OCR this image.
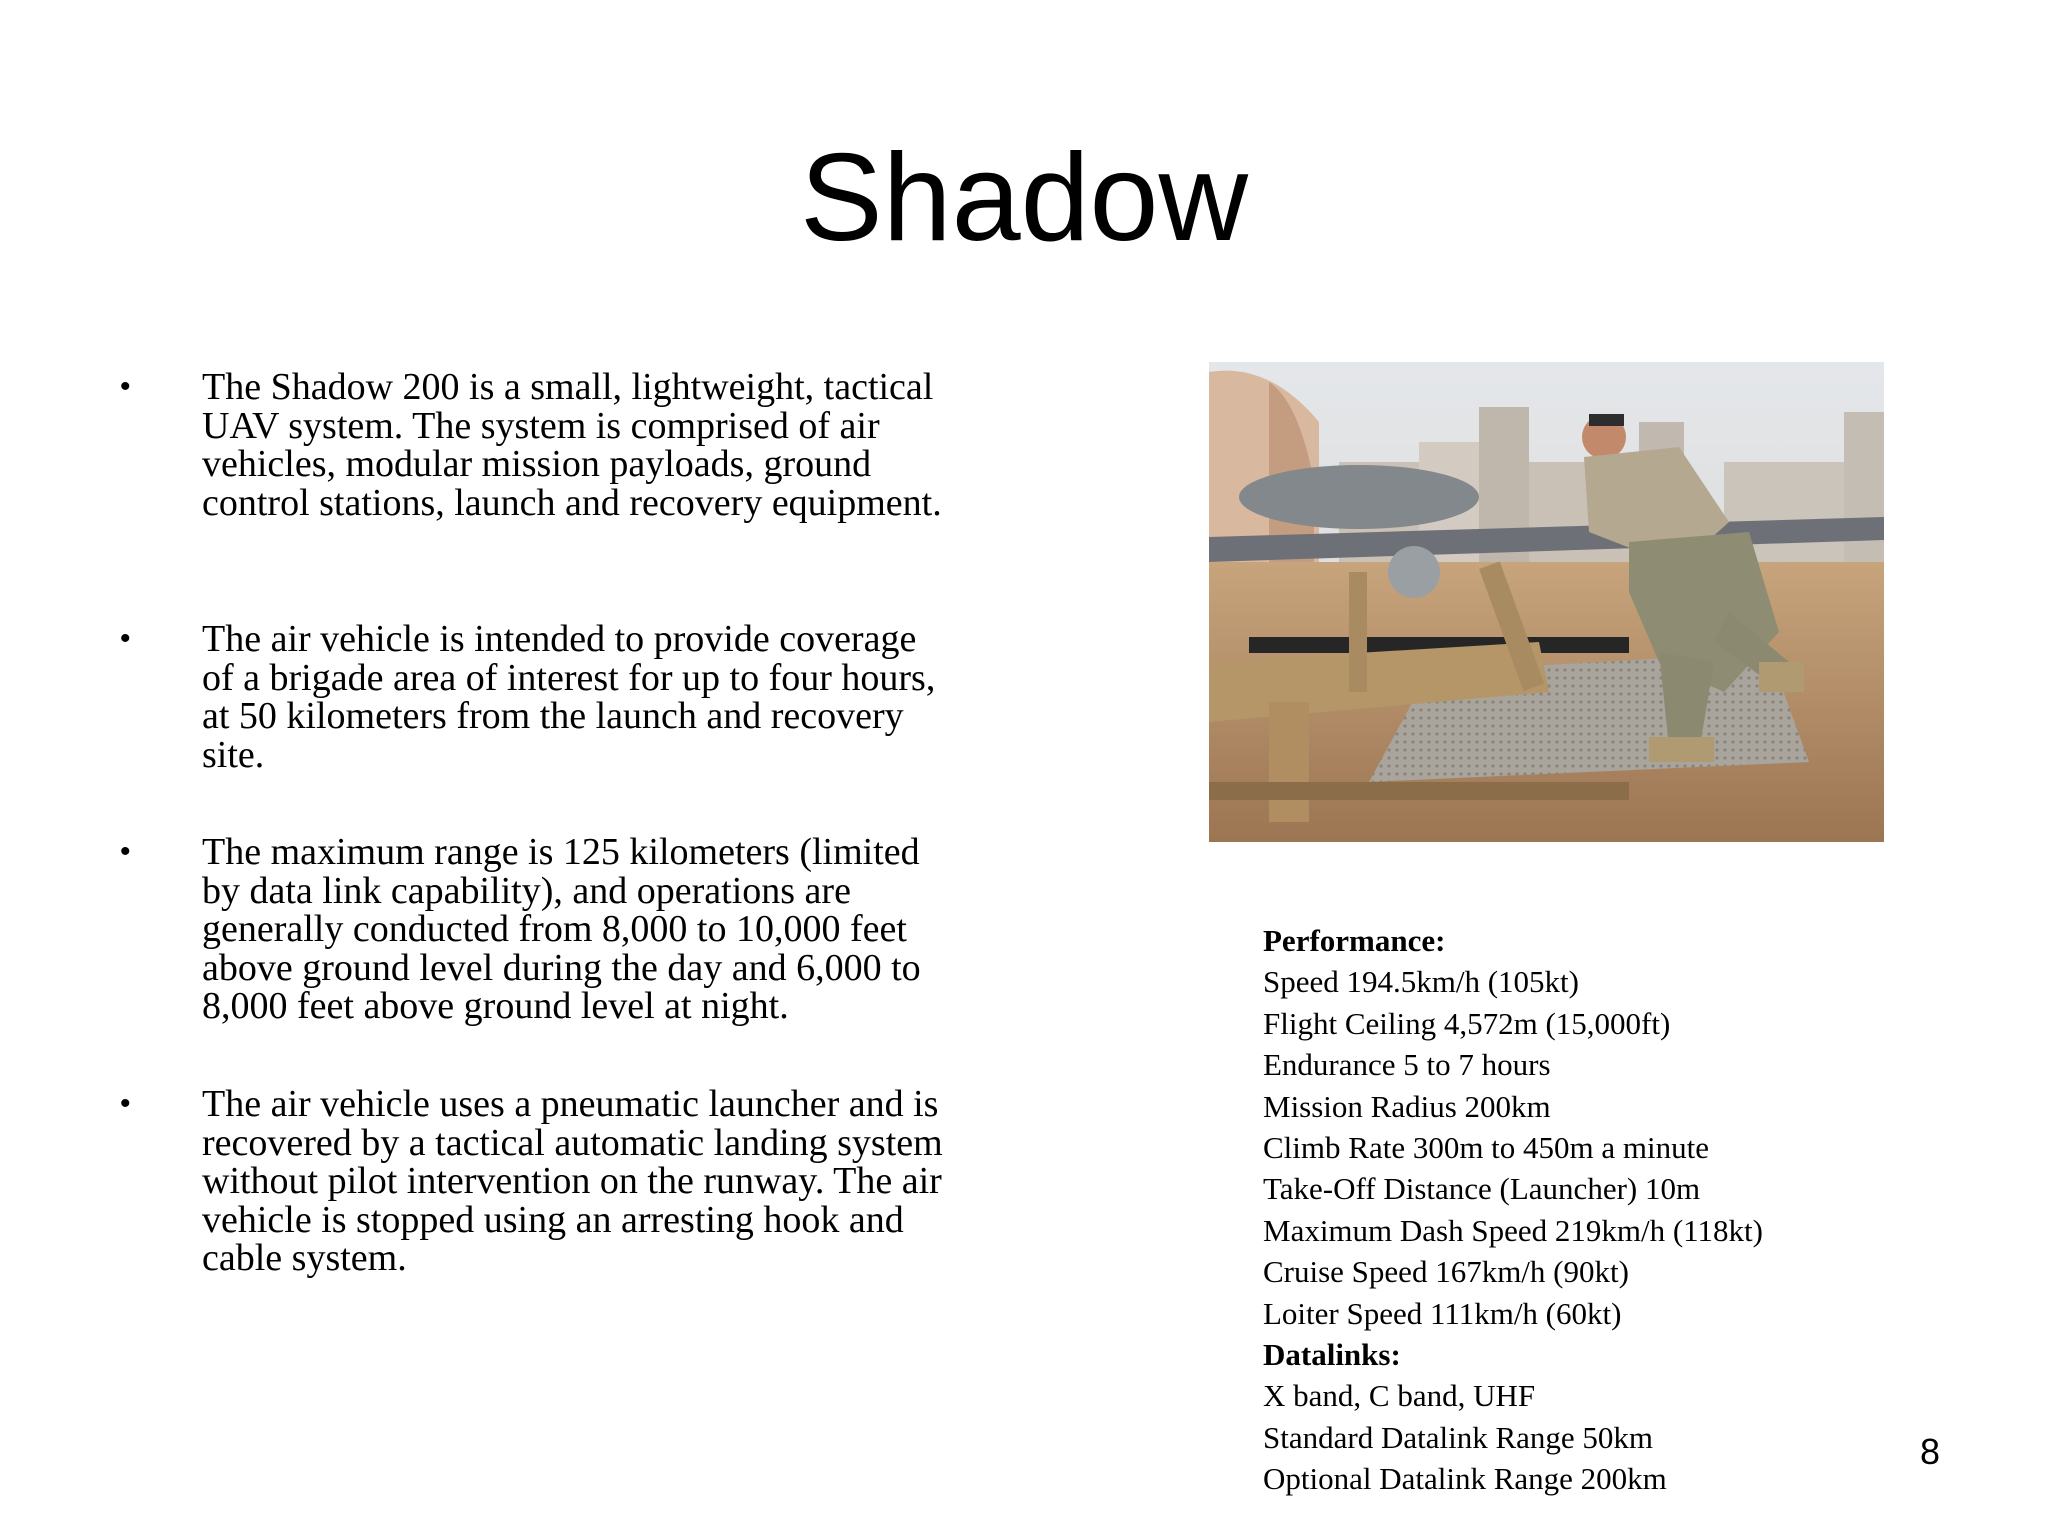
Shadow
•	The Shadow 200 is a small, lightweight, tactical
UAV system. The system is comprised of air
vehicles, modular mission payloads, ground
control stations, launch and recovery equipment.
•	The air vehicle is intended to provide coverage
of a brigade area of interest for up to four hours,
at 50 kilometers from the launch and recovery
site.
•	The maximum range is 125 kilometers (limited
by data link capability), and operations are
generally conducted from 8,000 to 10,000 feet
above ground level during the day and 6,000 to
8,000 feet above ground level at night.
•	The air vehicle uses a pneumatic launcher and is
recovered by a tactical automatic landing system
without pilot intervention on the runway. The air
vehicle is stopped using an arresting hook and
cable system.
Performance:
Speed 194.5km/h (105kt)
Flight Ceiling 4,572m (15,000ft)
Endurance 5 to 7 hours
Mission Radius 200km
Climb Rate 300m to 450m a minute
Take-Off Distance (Launcher) 10m
Maximum Dash Speed 219km/h (118kt)
Cruise Speed 167km/h (90kt)
Loiter Speed 111km/h (60kt)
Datalinks:
X band, C band, UHF
Standard Datalink Range 50km
Optional Datalink Range 200km
8
